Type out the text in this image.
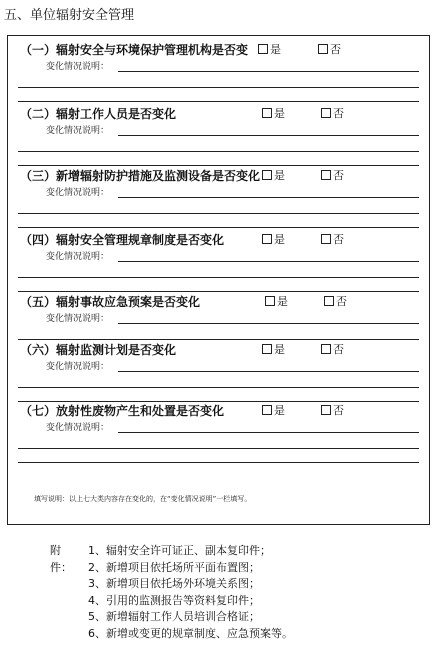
五、单位辐射安全管理
（一）辐射安全与环境保护管理机构是否变	是	否
变化情况说明：
（二）辐射工作人员是否变化	是	否
变化情况说明：
（三）新增辐射防护措施及监测设备是否变化	是	否
变化情况说明：
（四）辐射安全管理规章制度是否变化	是	否
变化情况说明：
（五）辐射事故应急预案是否变化	是	否
变化情况说明：
（六）辐射监测计划是否变化	是	否
变化情况说明：
（七）放射性废物产生和处置是否变化	是	否
变化情况说明：
填写说明：以上七大类内容存在变化的，在“变化情况说明”一栏填写。
附件：
1、辐射安全许可证正、副本复印件；
2、新增项目依托场所平面布置图；
3、新增项目依托场外环境关系图；
4、引用的监测报告等资料复印件；
5、新增辐射工作人员培训合格证；
6、新增或变更的规章制度、应急预案等。
